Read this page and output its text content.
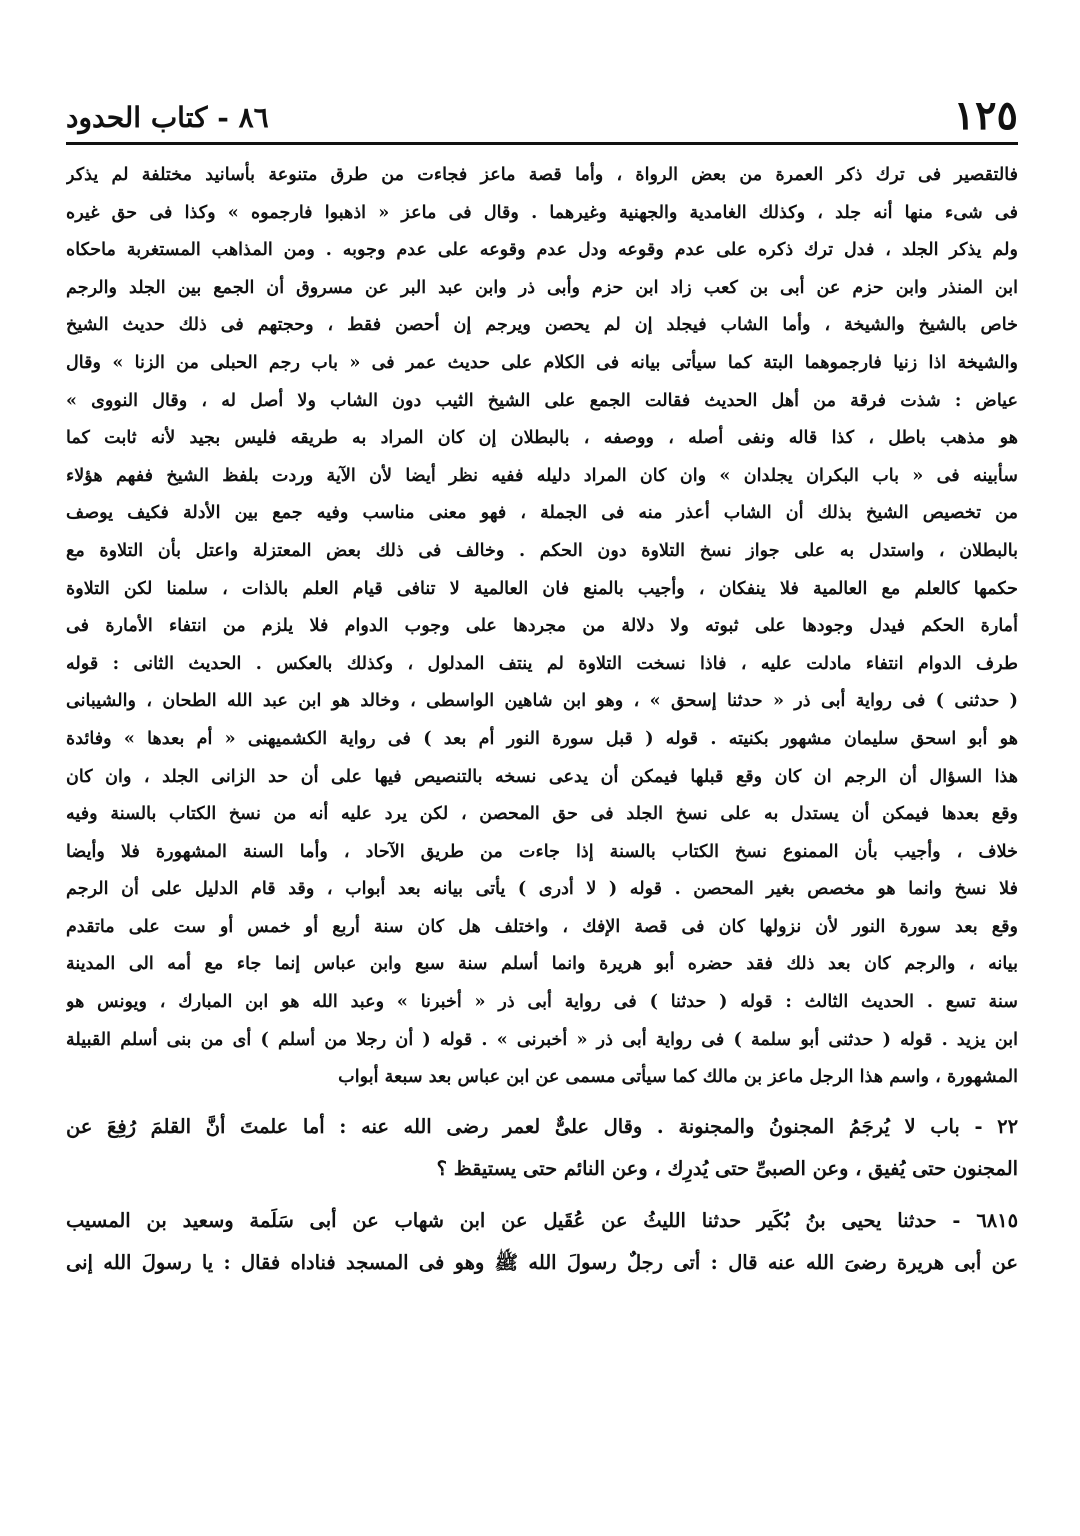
١٢٥
٨٦ - كتاب الحدود
فالتقصير فى ترك ذكر العمرة من بعض الرواة ، وأما قصة ماعز فجاءت من طرق متنوعة بأسانيد مختلفة لم يذكر
فى شىء منها أنه جلد ، وكذلك الغامدية والجهنية وغيرهما . وقال فى ماعز « اذهبوا فارجموه » وكذا فى حق غيره
ولم يذكر الجلد ، فدل ترك ذكره على عدم وقوعه ودل عدم وقوعه على عدم وجوبه . ومن المذاهب المستغربة ماحكاه
ابن المنذر وابن حزم عن أبى بن كعب زاد ابن حزم وأبى ذر وابن عبد البر عن مسروق أن الجمع بين الجلد والرجم
خاص بالشيخ والشيخة ، وأما الشاب فيجلد إن لم يحصن ويرجم إن أحصن فقط ، وحجتهم فى ذلك حديث الشيخ
والشيخة اذا زنيا فارجموهما البتة كما سيأتى بيانه فى الكلام على حديث عمر فى « باب رجم الحبلى من الزنا » وقال
عياض : شذت فرقة من أهل الحديث فقالت الجمع على الشيخ الثيب دون الشاب ولا أصل له ، وقال النووى »
هو مذهب باطل ، كذا قاله ونفى أصله ، ووصفه ، بالبطلان إن كان المراد به طريقه فليس بجيد لأنه ثابت كما
سأبينه فى « باب البكران يجلدان » وان كان المراد دليله ففيه نظر أيضا لأن الآية وردت بلفظ الشيخ ففهم هؤلاء
من تخصيص الشيخ بذلك أن الشاب أعذر منه فى الجملة ، فهو معنى مناسب وفيه جمع بين الأدلة فكيف يوصف
بالبطلان ، واستدل به على جواز نسخ التلاوة دون الحكم . وخالف فى ذلك بعض المعتزلة واعتل بأن التلاوة مع
حكمها كالعلم مع العالمية فلا ينفكان ، وأجيب بالمنع فان العالمية لا تنافى قيام العلم بالذات ، سلمنا لكن التلاوة
أمارة الحكم فيدل وجودها على ثبوته ولا دلالة من مجردها على وجوب الدوام فلا يلزم من انتفاء الأمارة فى
طرف الدوام انتفاء مادلت عليه ، فاذا نسخت التلاوة لم ينتف المدلول ، وكذلك بالعكس . الحديث الثانى : قوله
( حدثنى ) فى رواية أبى ذر « حدثنا إسحق » ، وهو ابن شاهين الواسطى ، وخالد هو ابن عبد الله الطحان ، والشيبانى
هو أبو اسحق سليمان مشهور بكنيته . قوله ( قبل سورة النور أم بعد ) فى رواية الكشميهنى « أم بعدها » وفائدة
هذا السؤال أن الرجم ان كان وقع قبلها فيمكن أن يدعى نسخه بالتنصيص فيها على أن حد الزانى الجلد ، وان كان
وقع بعدها فيمكن أن يستدل به على نسخ الجلد فى حق المحصن ، لكن يرد عليه أنه من نسخ الكتاب بالسنة وفيه
خلاف ، وأجيب بأن الممنوع نسخ الكتاب بالسنة إذا جاءت من طريق الآحاد ، وأما السنة المشهورة فلا وأيضا
فلا نسخ وانما هو مخصص بغير المحصن . قوله ( لا أدرى ) يأتى بيانه بعد أبواب ، وقد قام الدليل على أن الرجم
وقع بعد سورة النور لأن نزولها كان فى قصة الإفك ، واختلف هل كان سنة أربع أو خمس أو ست على ماتقدم
بيانه ، والرجم كان بعد ذلك فقد حضره أبو هريرة وانما أسلم سنة سبع وابن عباس إنما جاء مع أمه الى المدينة
سنة تسع . الحديث الثالث : قوله ( حدثنا ) فى رواية أبى ذر « أخبرنا » وعبد الله هو ابن المبارك ، ويونس هو
ابن يزيد . قوله ( حدثنى أبو سلمة ) فى رواية أبى ذر « أخبرنى » . قوله ( أن رجلا من أسلم ) أى من بنى أسلم القبيلة
المشهورة ، واسم هذا الرجل ماعز بن مالك كما سيأتى مسمى عن ابن عباس بعد سبعة أبواب
٢٢ - باب لا يُرجَمُ المجنونُ والمجنونة . وقال علىٌّ لعمر رضى الله عنه : أما علمتَ أنَّ القلمَ رُفِعَ عن
المجنون حتى يُفيق ، وعن الصبىِّ حتى يُدرِك ، وعن النائم حتى يستيقظ ؟
٦٨١٥ - حدثنا يحيى بنُ بُكَير حدثنا الليثُ عن عُقَيل عن ابن شهاب عن أبى سَلَمة وسعيد بن المسيب
عن أبى هريرة رضىَ الله عنه قال : أتى رجلٌ رسولَ الله ﷺ وهو فى المسجد فناداه فقال : يا رسولَ الله إنى
